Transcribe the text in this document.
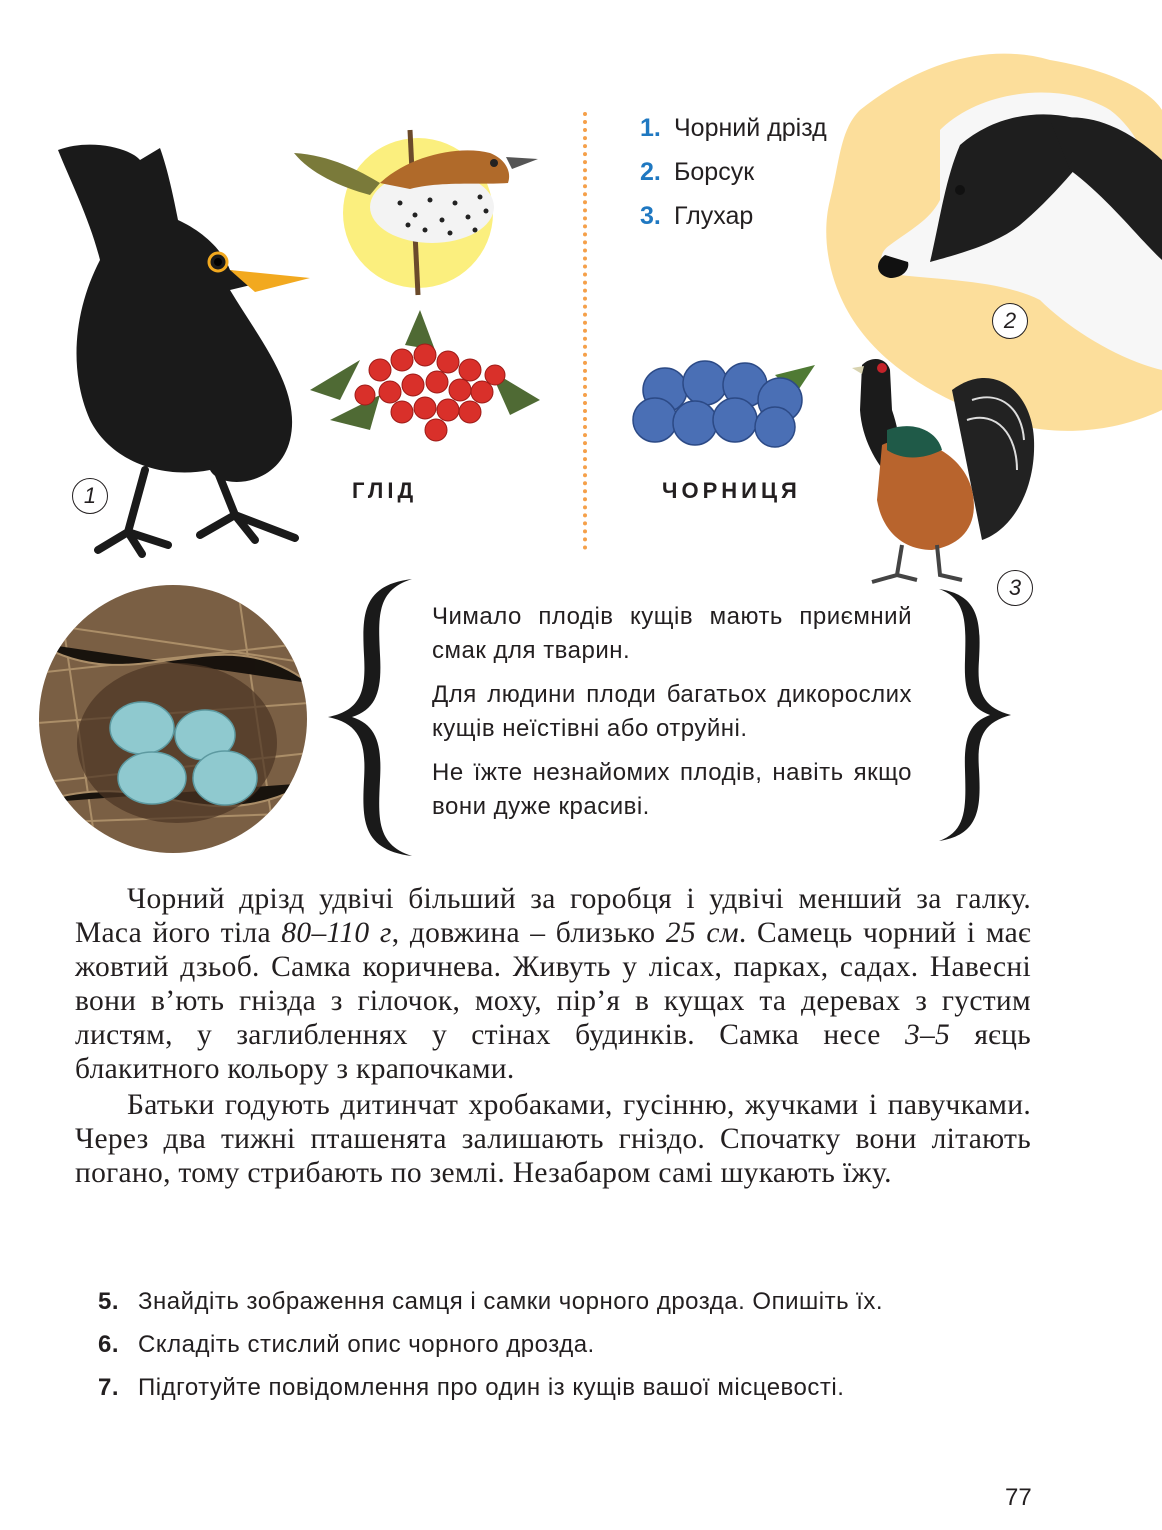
ГЛІД
1. Чорний дрізд
2. Борсук
3. Глухар
ЧОРНИЦЯ
1
2
3

Чимало плодів кущів мають приємний смак для тварин.

Для людини плоди багатьох дикорослих кущів неїстівні або отруйні.

Не їжте незнайомих плодів, навіть якщо вони дуже красиві.

Чорний дрізд удвічі більший за горобця і удвічі менший за галку. Маса його тіла 80–110 г, довжина – близько 25 см. Самець чорний і має жовтий дзьоб. Самка коричнева. Живуть у лісах, парках, садах. Навесні вони в’ють гнізда з гілочок, моху, пір’я в кущах та деревах з густим листям, у заглибленнях у стінах будинків. Самка несе 3–5 яєць блакитного кольору з крапочками.

Батьки годують дитинчат хробаками, гусінню, жучками і павучками. Через два тижні пташенята залишають гніздо. Спочатку вони літають погано, тому стрибають по землі. Незабаром самі шукають їжу.

5. Знайдіть зображення самця і самки чорного дрозда. Опишіть їх.
6. Складіть стислий опис чорного дрозда.
7. Підготуйте повідомлення про один із кущів вашої місцевості.
77
